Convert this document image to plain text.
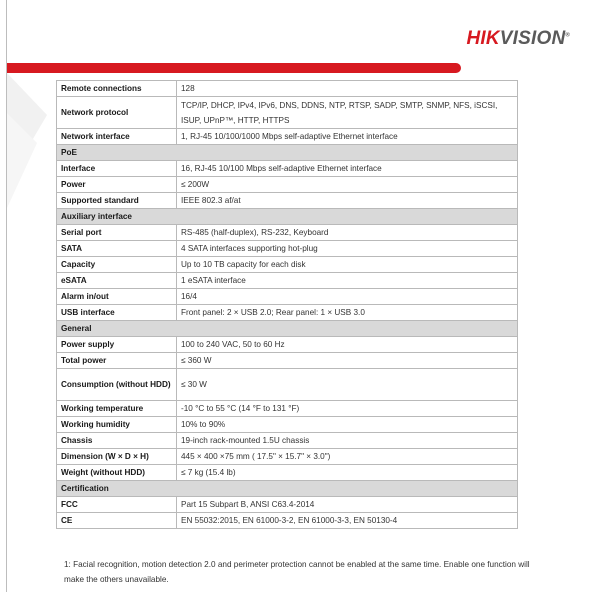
HIKVISION®
Remote connections	128
Network protocol	TCP/IP, DHCP, IPv4, IPv6, DNS, DDNS, NTP, RTSP, SADP, SMTP, SNMP, NFS, iSCSI, ISUP, UPnP™, HTTP, HTTPS
Network interface	1, RJ-45 10/100/1000 Mbps self-adaptive Ethernet interface
PoE	
Interface	16, RJ-45 10/100 Mbps self-adaptive Ethernet interface
Power	≤ 200W
Supported standard	IEEE 802.3 af/at
Auxiliary interface	
Serial port	RS-485 (half-duplex), RS-232, Keyboard
SATA	4 SATA interfaces supporting hot-plug
Capacity	Up to 10 TB capacity for each disk
eSATA	1 eSATA interface
Alarm in/out	16/4
USB interface	Front panel: 2 × USB 2.0; Rear panel: 1 × USB 3.0
General	
Power supply	100 to 240 VAC, 50 to 60 Hz
Total power	≤ 360 W
Consumption (without HDD)	≤ 30 W
Working temperature	-10 °C to 55 °C (14 °F to 131 °F)
Working humidity	10% to 90%
Chassis	19-inch rack-mounted 1.5U chassis
Dimension (W × D × H)	445 × 400 ×75 mm ( 17.5" × 15.7" × 3.0")
Weight (without HDD)	≤ 7 kg (15.4 lb)
Certification	
FCC	Part 15 Subpart B, ANSI C63.4-2014
CE	EN 55032:2015, EN 61000-3-2, EN 61000-3-3, EN 50130-4
1: Facial recognition, motion detection 2.0 and perimeter protection cannot be enabled at the same time. Enable one function will make the others unavailable.
